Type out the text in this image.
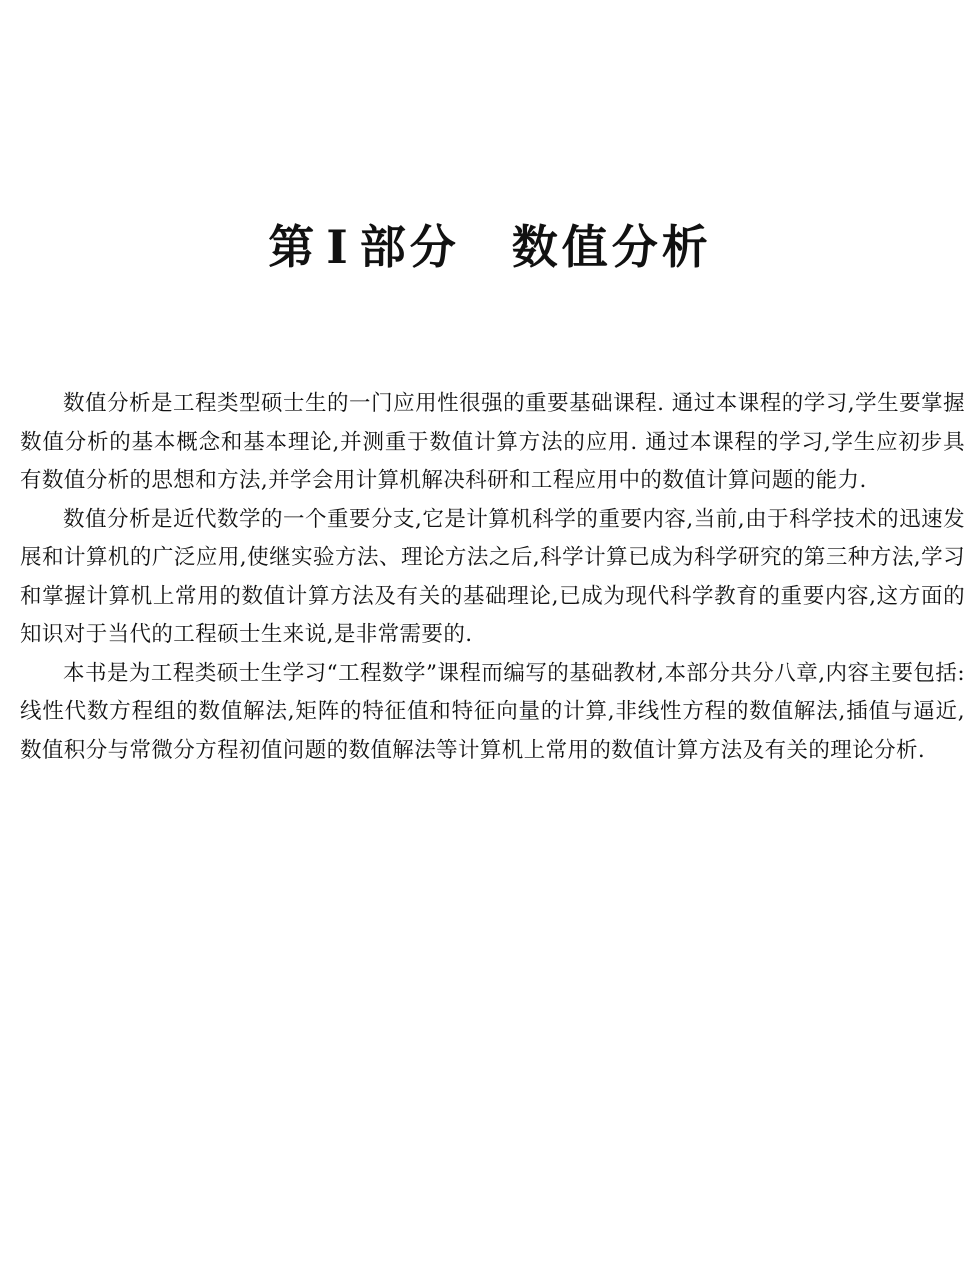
第 I 部分 数值分析

数值分析是工程类型硕士生的一门应用性很强的重要基础课程. 通过本课程的学习,学生要掌握数值分析的基本概念和基本理论,并测重于数值计算方法的应用. 通过本课程的学习,学生应初步具有数值分析的思想和方法,并学会用计算机解决科研和工程应用中的数值计算问题的能力.

数值分析是近代数学的一个重要分支,它是计算机科学的重要内容,当前,由于科学技术的迅速发展和计算机的广泛应用,使继实验方法、理论方法之后,科学计算已成为科学研究的第三种方法,学习和掌握计算机上常用的数值计算方法及有关的基础理论,已成为现代科学教育的重要内容,这方面的知识对于当代的工程硕士生来说,是非常需要的.

本书是为工程类硕士生学习“工程数学”课程而编写的基础教材,本部分共分八章,内容主要包括:线性代数方程组的数值解法,矩阵的特征值和特征向量的计算,非线性方程的数值解法,插值与逼近,数值积分与常微分方程初值问题的数值解法等计算机上常用的数值计算方法及有关的理论分析.
